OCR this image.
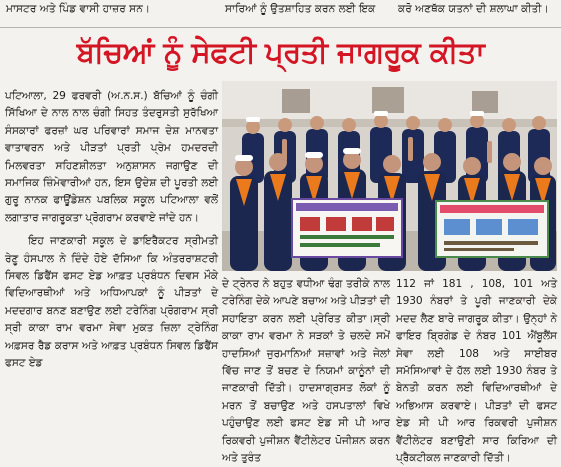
ਮਾਸਟਰ ਅਤੇ ਪਿੰਡ ਵਾਸੀ ਹਾਜ਼ਰ ਸਨ।	ਸਾਰਿਆਂ ਨੂੰ ਉਤਸ਼ਾਹਿਤ ਕਰਨ ਲਈ ਇਕ ਕਰੋ ਅਣਥੱਕ ਯਤਨਾਂ ਦੀ ਸ਼ਲਾਘਾ ਕੀਤੀ।
ਬੱਚਿਆਂ ਨੂੰ ਸੇਫਟੀ ਪ੍ਰਤੀ ਜਾਗਰੂਕ ਕੀਤਾ
ਪਟਿਆਲਾ, 29 ਫਰਵਰੀ (ਅ.ਨ.ਸ.) ਬੱਚਿਆਂ ਨੂੰ ਚੰਗੀ ਸਿੱਖਿਆ ਦੇ ਨਾਲ ਨਾਲ ਚੰਗੀ ਸਿਹਤ ਤੰਦਰੁਸਤੀ ਸੁਰੱਖਿਆ ਸੰਸਕਾਰਾਂ ਫਰਜ਼ਾਂ ਘਰ ਪਰਿਵਾਰਾਂ ਸਮਾਜ ਦੇਸ਼ ਮਾਨਵਤਾ ਵਾਤਾਵਰਨ ਅਤੇ ਪੀੜਤਾਂ ਪ੍ਰਤੀ ਪ੍ਰੇਮ ਹਮਦਰਦੀ ਮਿਲਵਰਤਾ ਸਹਿਣਸ਼ੀਲਤਾ ਅਨੁਸ਼ਾਸਨ ਜਗਾਉਣ ਦੀ ਸਮਾਜਿਕ ਜ਼ਿੰਮੇਵਾਰੀਆਂ ਹਨ, ਇਸ ਉਦੇਸ਼ ਦੀ ਪੂਰਤੀ ਲਈ ਗੁਰੂ ਨਾਨਕ ਫਾਊਂਡੇਸ਼ਨ ਪਬਲਿਕ ਸਕੂਲ ਪਟਿਆਲਾ ਵਲੋਂ ਲਗਾਤਾਰ ਜਾਗਰੂਕਤਾ ਪ੍ਰੋਗਰਾਮ ਕਰਵਾਏ ਜਾਂਦੇ ਹਨ।
ਇਹ ਜਾਣਕਾਰੀ ਸਕੂਲ ਦੇ ਡਾਇਰੈਕਟਰ ਸ੍ਰੀਮਤੀ ਰੇਣੂ ਹੰਸਪਾਲ ਨੇ ਦਿੰਦੇ ਹੋਏ ਦੱਸਿਆ ਕਿ ਅੰਤਰਰਾਸ਼ਟਰੀ ਸਿਵਲ ਡਿਫੈਂਸ ਫਸਟ ਏਡ ਆਫ਼ਤ ਪ੍ਰਬੰਧਨ ਦਿਵਸ ਮੌਕੇ ਵਿਦਿਆਰਥੀਆਂ ਅਤੇ ਅਧਿਆਪਕਾਂ ਨੂੰ ਪੀੜਤਾਂ ਦੇ ਮਦਦਗਾਰ ਬਨਣ ਬਣਾਉਣ ਲਈ ਟਰੇਨਿੰਗ ਪ੍ਰੋਗਰਾਮ ਸ੍ਰੀ ਸ੍ਰੀ ਕਾਕਾ ਰਾਮ ਵਰਮਾ ਸੇਵਾ ਮੁਕਤ ਜ਼ਿਲਾ ਟ੍ਰੇਨਿੰਗ ਅਫ਼ਸਰ ਰੈਡ ਕਰਾਸ ਅਤੇ ਆਫ਼ਤ ਪ੍ਰਬੰਧਨ ਸਿਵਲ ਡਿਫੈਂਸ ਫਸਟ ਏਡ
ਦੇ ਟ੍ਰੇਨਰ ਨੇ ਬਹੁਤ ਵਧੀਆ ਢੰਗ ਤਰੀਕੇ ਨਾਲ ਟਰੇਨਿੰਗ ਦੇਕੇ ਆਪਣੇ ਬਚਾਅ ਅਤੇ ਪੀੜਤਾਂ ਦੀ ਸਹਾਇਤਾ ਕਰਨ ਲਈ ਪ੍ਰੇਰਿਤ ਕੀਤਾ।ਸ੍ਰੀ ਕਾਕਾ ਰਾਮ ਵਰਮਾ ਨੇ ਸੜਕਾਂ ਤੇ ਚਲਦੇ ਸਮੇਂ ਹਾਦਸਿਆਂ ਜੁਰਮਾਨਿਆਂ ਸਜ਼ਾਵਾਂ ਅਤੇ ਜੇਲਾਂ ਵਿੱਚ ਜਾਣ ਤੋਂ ਬਚਣ ਦੇ ਨਿਯਮਾਂ ਕਾਨੂੰਨਾਂ ਦੀ ਜਾਣਕਾਰੀ ਦਿੱਤੀ। ਹਾਦਸਾਗ੍ਰਸਤ ਲੋਕਾਂ ਨੂੰ ਮਰਨ ਤੋਂ ਬਚਾਉਣ ਅਤੇ ਹਸਪਤਾਲਾਂ ਵਿਖੇ ਪਹੁੰਚਾਉਣ ਲਈ ਫਸਟ ਏਡ ਸੀ ਪੀ ਆਰ ਰਿਕਵਰੀ ਪੁਜੀਸ਼ਨ ਵੈਂਟੀਲੇਟਰ ਪੋਜੀਸ਼ਨ ਕਰਨ ਅਤੇ ਤੁਰੰਤ
112 ਜਾਂ 181 , 108, 101 ਅਤੇ 1930 ਨੰਬਰਾਂ ਤੇ ਪੂਰੀ ਜਾਣਕਾਰੀ ਦੇਕੇ ਮਦਦ ਲੈਣ ਬਾਰੇ ਜਾਗਰੂਕ ਕੀਤਾ। ਉਨ੍ਹਾਂ ਨੇ ਫਾਇਰ ਬ੍ਰਿਗੇਡ ਦੇ ਨੰਬਰ 101 ਐਂਬੂਲੈਂਸ ਸੇਵਾ ਲਈ 108 ਅਤੇ ਸਾਈਬਰ ਸਮੱਸਿਆਵਾਂ ਦੇ ਹੱਲ ਲਈ 1930 ਨੰਬਰ ਤੇ ਬੇਨਤੀ ਕਰਨ ਲਈ ਵਿਦਿਆਰਥੀਆਂ ਦੇ ਅਭਿਆਸ ਕਰਵਾਏ। ਪੀੜਤਾਂ ਦੀ ਫਸਟ ਏਡ ਸੀ ਪੀ ਆਰ ਰਿਕਵਰੀ ਪੁਜੀਸ਼ਨ ਵੈਂਟੀਲੇਟਰ ਬਣਾਉਣੀ ਸਾਰ ਕਿਰਿਆ ਦੀ ਪ੍ਰੈਕਟੀਕਲ ਜਾਣਕਾਰੀ ਦਿੱਤੀ।
